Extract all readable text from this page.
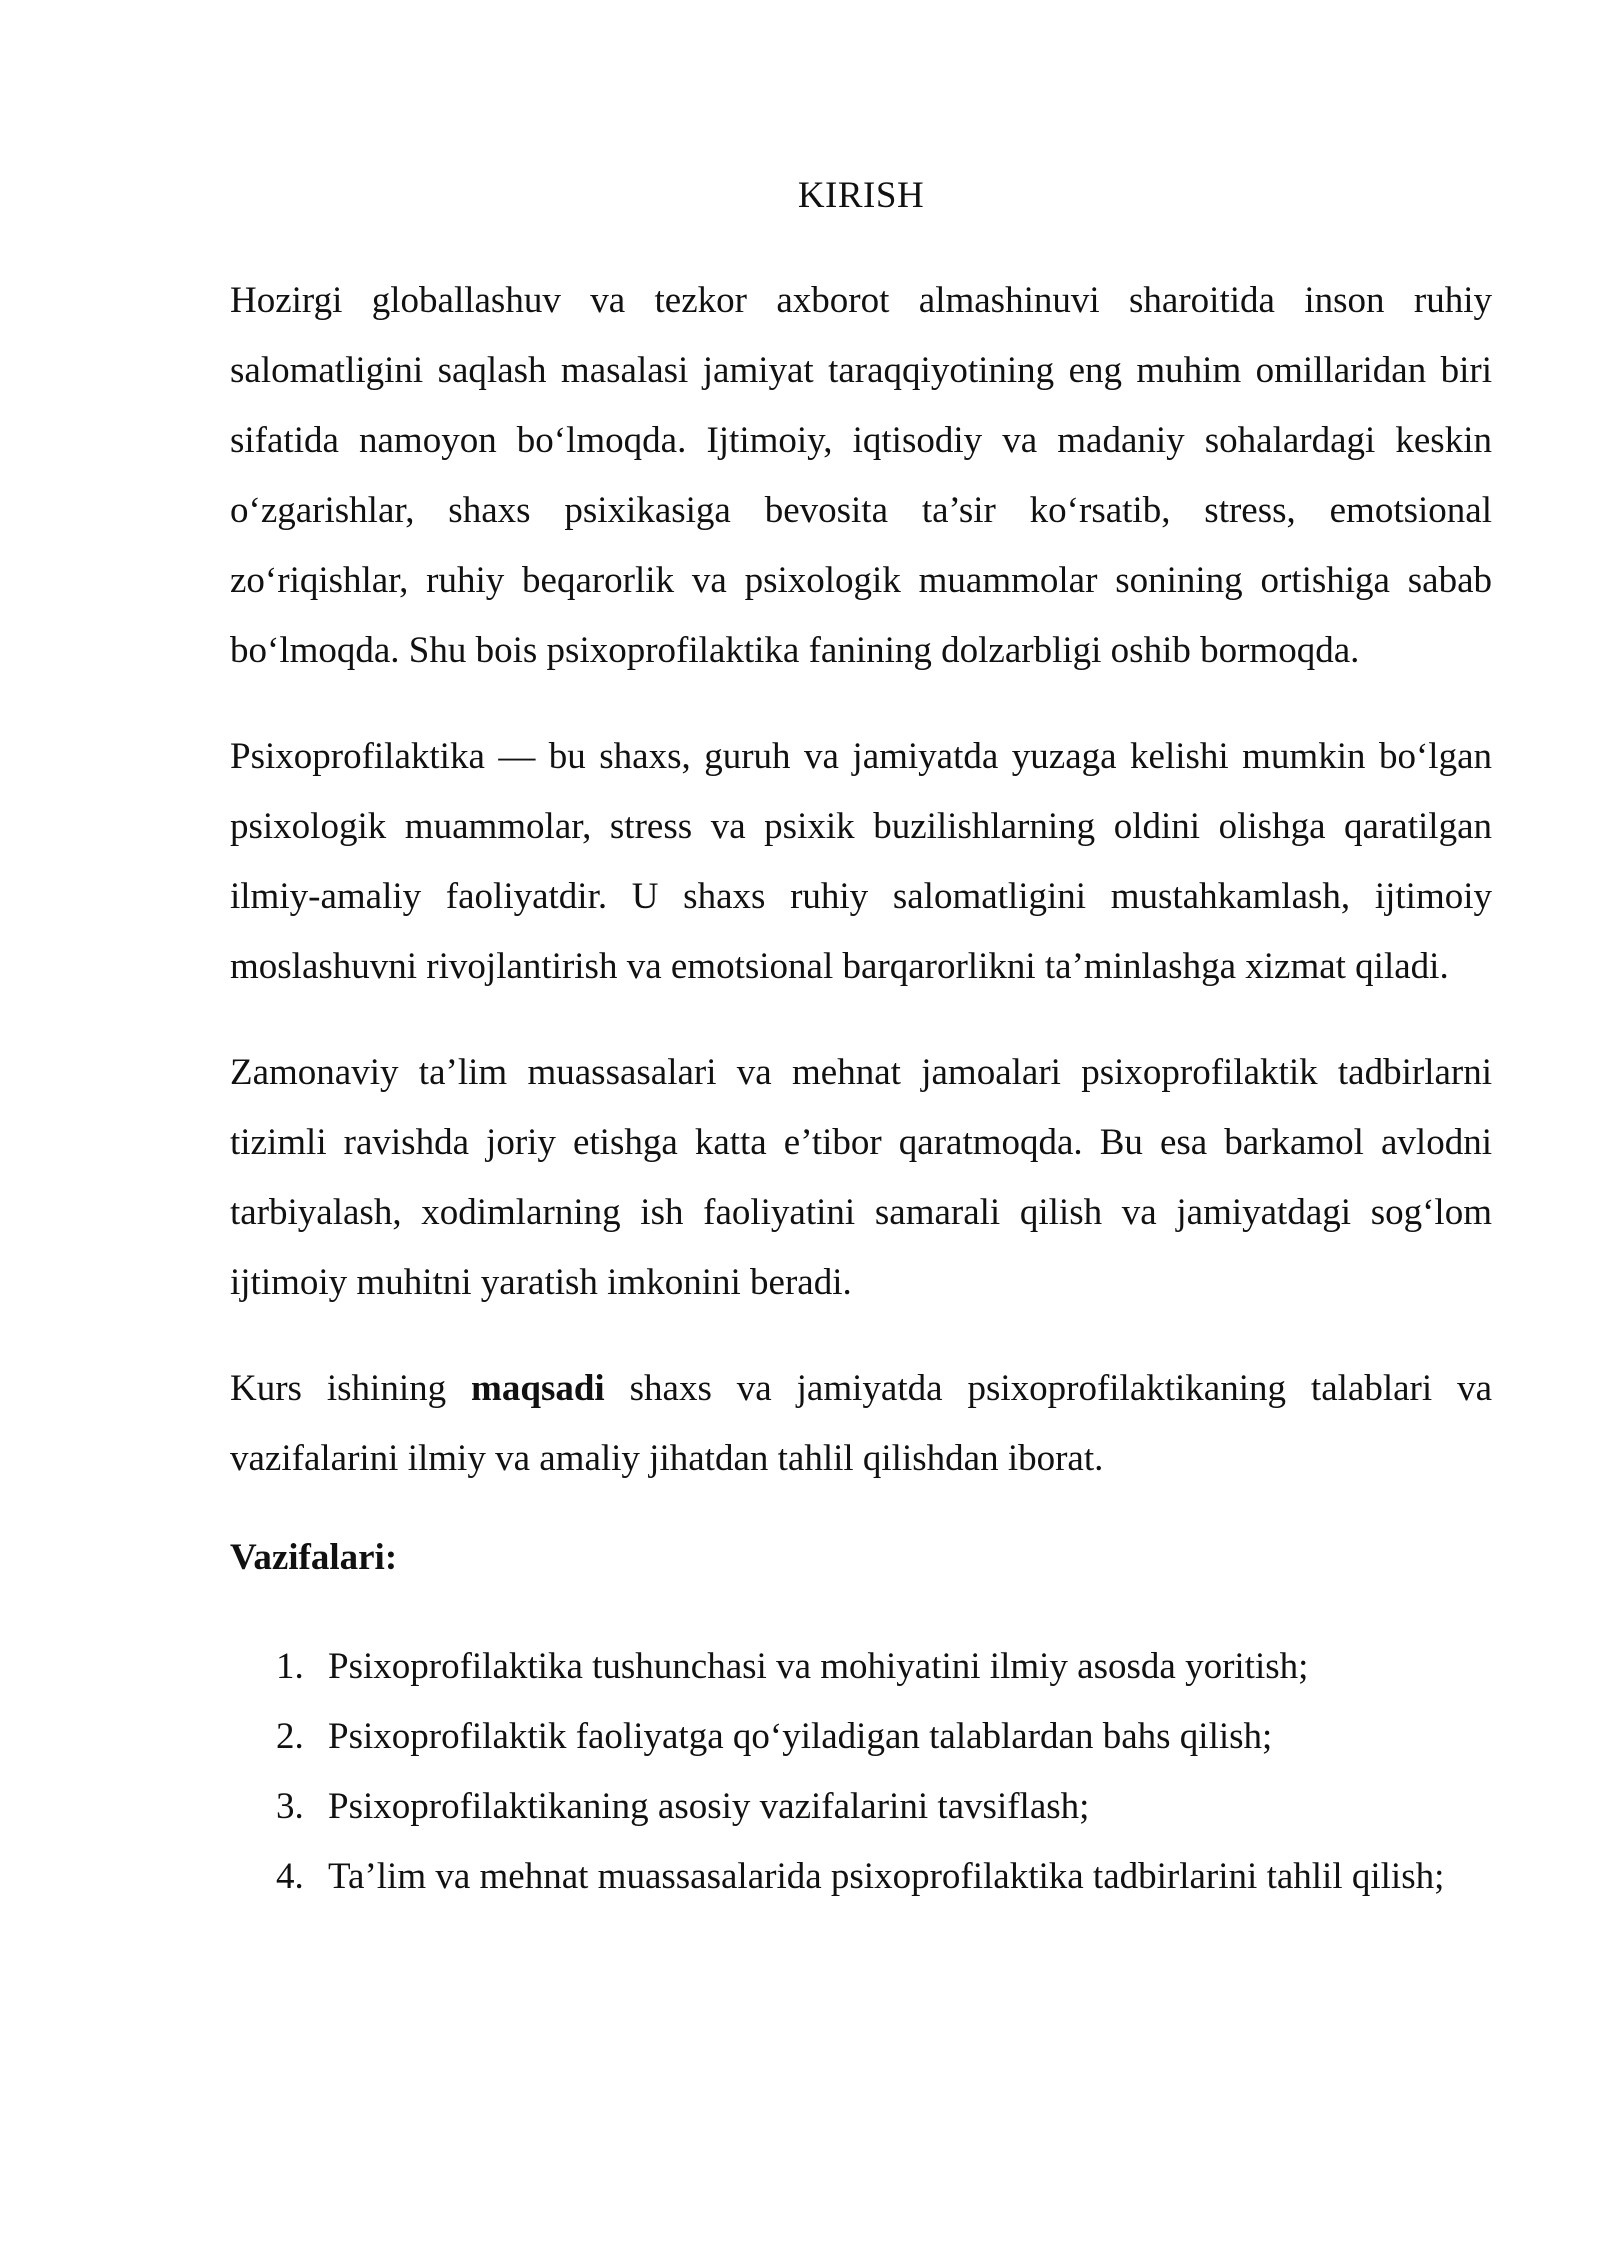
KIRISH

Hozirgi globallashuv va tezkor axborot almashinuvi sharoitida inson ruhiy salomatligini saqlash masalasi jamiyat taraqqiyotining eng muhim omillaridan biri sifatida namoyon bo‘lmoqda. Ijtimoiy, iqtisodiy va madaniy sohalardagi keskin o‘zgarishlar, shaxs psixikasiga bevosita ta’sir ko‘rsatib, stress, emotsional zo‘riqishlar, ruhiy beqarorlik va psixologik muammolar sonining ortishiga sabab bo‘lmoqda. Shu bois psixoprofilaktika fanining dolzarbligi oshib bormoqda.

Psixoprofilaktika — bu shaxs, guruh va jamiyatda yuzaga kelishi mumkin bo‘lgan psixologik muammolar, stress va psixik buzilishlarning oldini olishga qaratilgan ilmiy-amaliy faoliyatdir. U shaxs ruhiy salomatligini mustahkamlash, ijtimoiy moslashuvni rivojlantirish va emotsional barqarorlikni ta’minlashga xizmat qiladi.

Zamonaviy ta’lim muassasalari va mehnat jamoalari psixoprofilaktik tadbirlarni tizimli ravishda joriy etishga katta e’tibor qaratmoqda. Bu esa barkamol avlodni tarbiyalash, xodimlarning ish faoliyatini samarali qilish va jamiyatdagi sog‘lom ijtimoiy muhitni yaratish imkonini beradi.

Kurs ishining maqsadi shaxs va jamiyatda psixoprofilaktikaning talablari va vazifalarini ilmiy va amaliy jihatdan tahlil qilishdan iborat.

Vazifalari:
1. Psixoprofilaktika tushunchasi va mohiyatini ilmiy asosda yoritish;
2. Psixoprofilaktik faoliyatga qo‘yiladigan talablardan bahs qilish;
3. Psixoprofilaktikaning asosiy vazifalarini tavsiflash;
4. Ta’lim va mehnat muassasalarida psixoprofilaktika tadbirlarini tahlil qilish;
